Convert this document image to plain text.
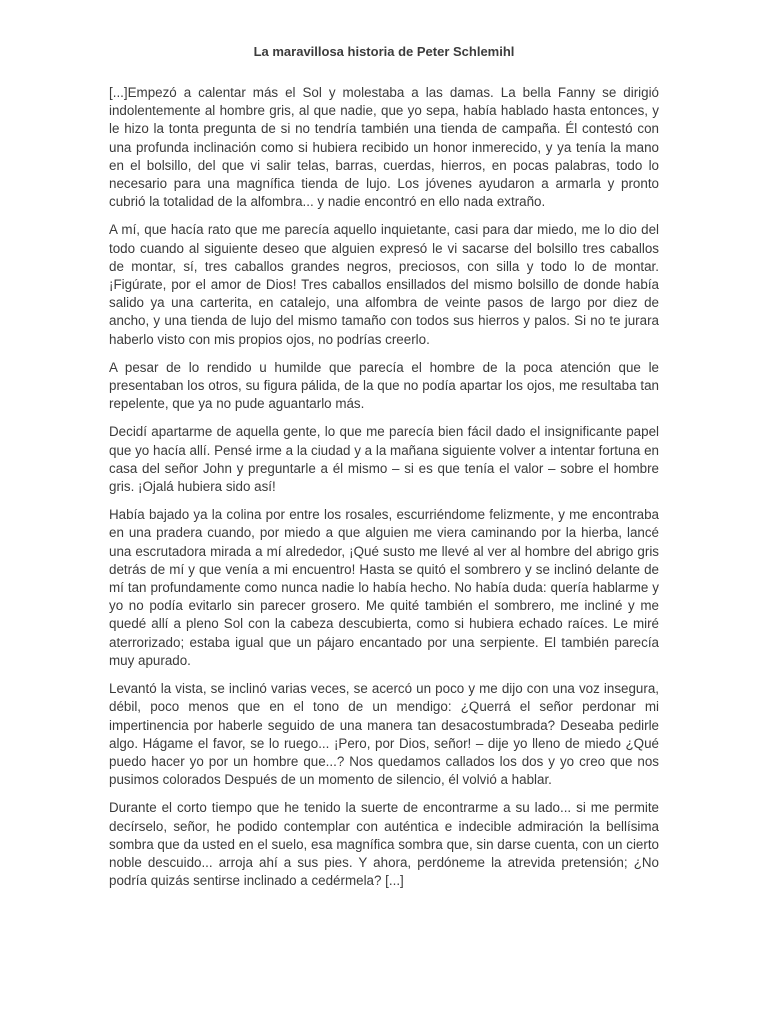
La maravillosa historia de Peter Schlemihl

[...]Empezó a calentar más el Sol y molestaba a las damas. La bella Fanny se dirigió indolentemente al hombre gris, al que nadie, que yo sepa, había hablado hasta entonces, y le hizo la tonta pregunta de si no tendría también una tienda de campaña. Él contestó con una profunda inclinación como si hubiera recibido un honor inmerecido, y ya tenía la mano en el bolsillo, del que vi salir telas, barras, cuerdas, hierros, en pocas palabras, todo lo necesario para una magnífica tienda de lujo. Los jóvenes ayudaron a armarla y pronto cubrió la totalidad de la alfombra... y nadie encontró en ello nada extraño.

A mí, que hacía rato que me parecía aquello inquietante, casi para dar miedo, me lo dio del todo cuando al siguiente deseo que alguien expresó le vi sacarse del bolsillo tres caballos de montar, sí, tres caballos grandes negros, preciosos, con silla y todo lo de montar. ¡Figúrate, por el amor de Dios! Tres caballos ensillados del mismo bolsillo de donde había salido ya una carterita, en catalejo, una alfombra de veinte pasos de largo por diez de ancho, y una tienda de lujo del mismo tamaño con todos sus hierros y palos. Si no te jurara haberlo visto con mis propios ojos, no podrías creerlo.

A pesar de lo rendido u humilde que parecía el hombre de la poca atención que le presentaban los otros, su figura pálida, de la que no podía apartar los ojos, me resultaba tan repelente, que ya no pude aguantarlo más.

Decidí apartarme de aquella gente, lo que me parecía bien fácil dado el insignificante papel que yo hacía allí. Pensé irme a la ciudad y a la mañana siguiente volver a intentar fortuna en casa del señor John y preguntarle a él mismo – si es que tenía el valor – sobre el hombre gris. ¡Ojalá hubiera sido así!

Había bajado ya la colina por entre los rosales, escurriéndome felizmente, y me encontraba en una pradera cuando, por miedo a que alguien me viera caminando por la hierba, lancé una escrutadora mirada a mí alrededor, ¡Qué susto me llevé al ver al hombre del abrigo gris detrás de mí y que venía a mi encuentro! Hasta se quitó el sombrero y se inclinó delante de mí tan profundamente como nunca nadie lo había hecho. No había duda: quería hablarme y yo no podía evitarlo sin parecer grosero. Me quité también el sombrero, me incliné y me quedé allí a pleno Sol con la cabeza descubierta, como si hubiera echado raíces. Le miré aterrorizado; estaba igual que un pájaro encantado por una serpiente. El también parecía muy apurado.

Levantó la vista, se inclinó varias veces, se acercó un poco y me dijo con una voz insegura, débil, poco menos que en el tono de un mendigo: ¿Querrá el señor perdonar mi impertinencia por haberle seguido de una manera tan desacostumbrada? Deseaba pedirle algo. Hágame el favor, se lo ruego... ¡Pero, por Dios, señor! – dije yo lleno de miedo ¿Qué puedo hacer yo por un hombre que...? Nos quedamos callados los dos y yo creo que nos pusimos colorados Después de un momento de silencio, él volvió a hablar.

Durante el corto tiempo que he tenido la suerte de encontrarme a su lado... si me permite decírselo, señor, he podido contemplar con auténtica e indecible admiración la bellísima sombra que da usted en el suelo, esa magnífica sombra que, sin darse cuenta, con un cierto noble descuido... arroja ahí a sus pies. Y ahora, perdóneme la atrevida pretensión; ¿No podría quizás sentirse inclinado a cedérmela? [...]
